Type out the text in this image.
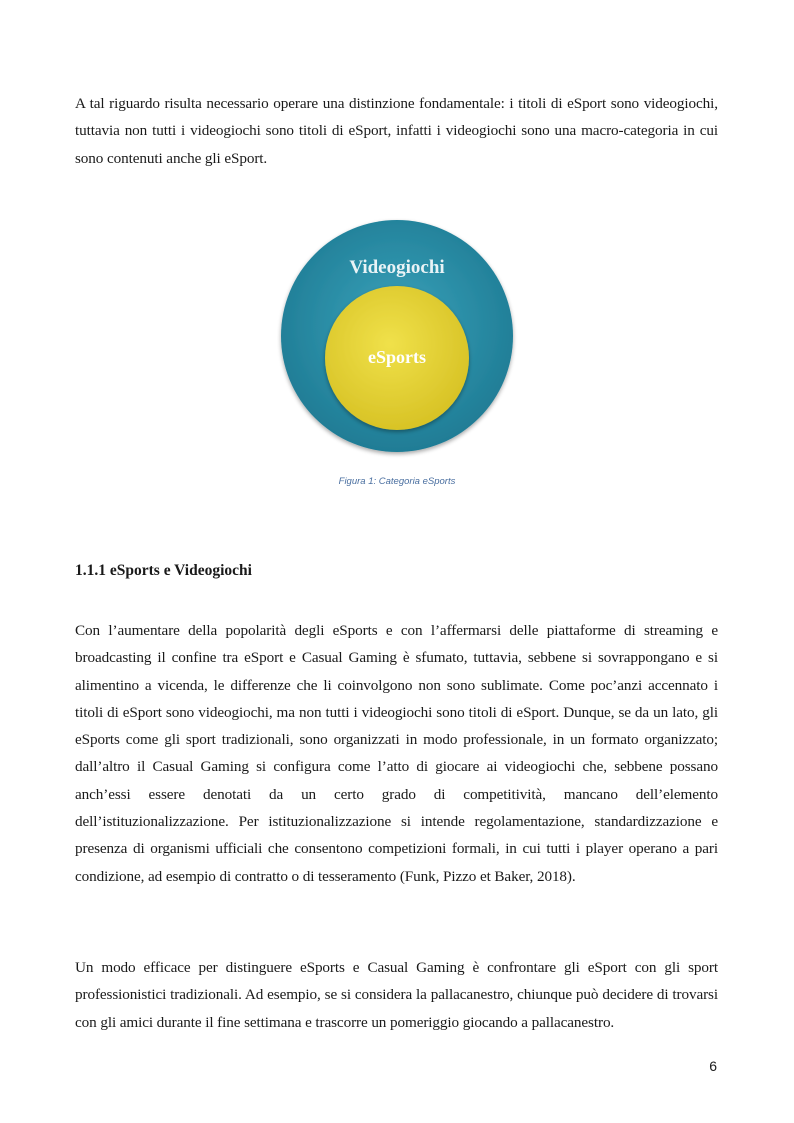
A tal riguardo risulta necessario operare una distinzione fondamentale: i titoli di eSport sono videogiochi, tuttavia non tutti i videogiochi sono titoli di eSport, infatti i videogiochi sono una macro-categoria in cui sono contenuti anche gli eSport.

Videogiochi
eSports

Figura 1: Categoria eSports

1.1.1 eSports e Videogiochi

Con l’aumentare della popolarità degli eSports e con l’affermarsi delle piattaforme di streaming e broadcasting il confine tra eSport e Casual Gaming è sfumato, tuttavia, sebbene si sovrappongano e si alimentino a vicenda, le differenze che li coinvolgono non sono sublimate. Come poc’anzi accennato i titoli di eSport sono videogiochi, ma non tutti i videogiochi sono titoli di eSport. Dunque, se da un lato, gli eSports come gli sport tradizionali, sono organizzati in modo professionale, in un formato organizzato; dall’altro il Casual Gaming si configura come l’atto di giocare ai videogiochi che, sebbene possano anch’essi essere denotati da un certo grado di competitività, mancano dell’elemento dell’istituzionalizzazione. Per istituzionalizzazione si intende regolamentazione, standardizzazione e presenza di organismi ufficiali che consentono competizioni formali, in cui tutti i player operano a pari condizione, ad esempio di contratto o di tesseramento (Funk, Pizzo et Baker, 2018).

Un modo efficace per distinguere eSports e Casual Gaming è confrontare gli eSport con gli sport professionistici tradizionali. Ad esempio, se si considera la pallacanestro, chiunque può decidere di trovarsi con gli amici durante il fine settimana e trascorre un pomeriggio giocando a pallacanestro.

6
